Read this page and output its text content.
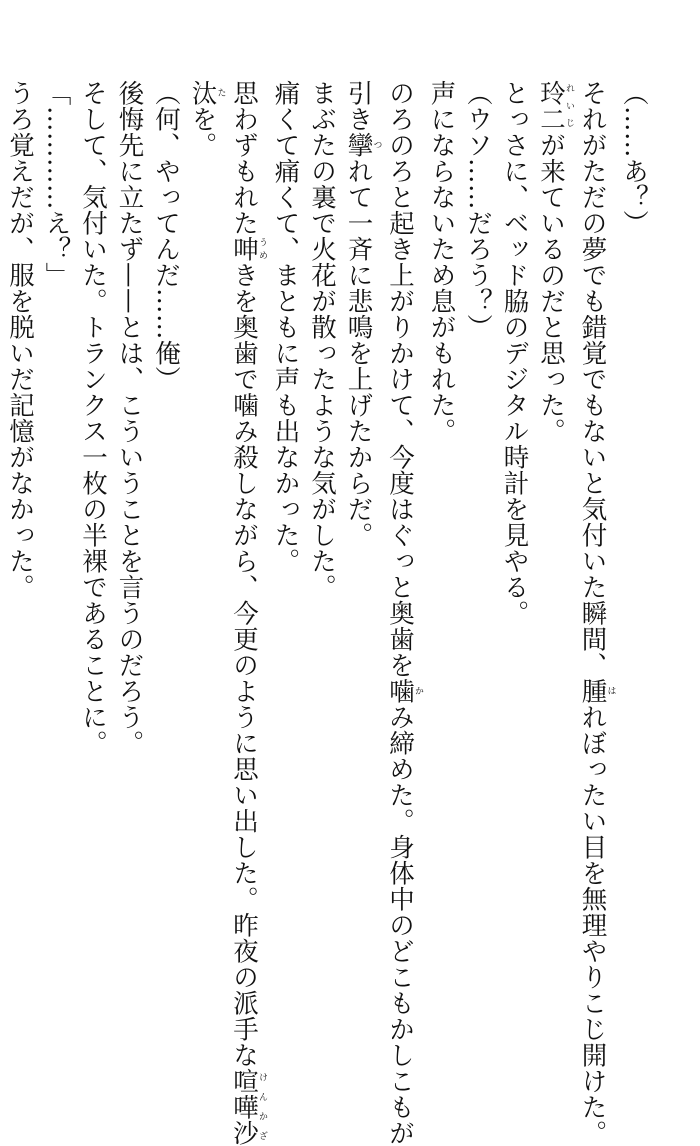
（……あ？）
それがただの夢でも錯覚でもないと気付いた瞬間、腫はれぼったい目を無理やりこじ開けた。
玲二れいじが来ているのだと思った。
とっさに、ベッド脇のデジタル時計を見やる。
（ウソ……だろう？）
声にならないため息がもれた。
のろのろと起き上がりかけて、今度はぐっと奥歯を噛かみ締めた。身体中のどこもかしこもが
引き攣つれて一斉に悲鳴を上げたからだ。
まぶたの裏で火花が散ったような気がした。
痛くて痛くて、まともに声も出なかった。
思わずもれた呻うめきを奥歯で噛み殺しながら、今更のように思い出した。昨夜の派手な喧嘩沙けんかざ
汰たを。
（何、やってんだ……俺）
後悔先に立たず——とは、こういうことを言うのだろう。
そして、気付いた。トランクス一枚の半裸であることに。
「…………え？」
うろ覚えだが、服を脱いだ記憶がなかった。
